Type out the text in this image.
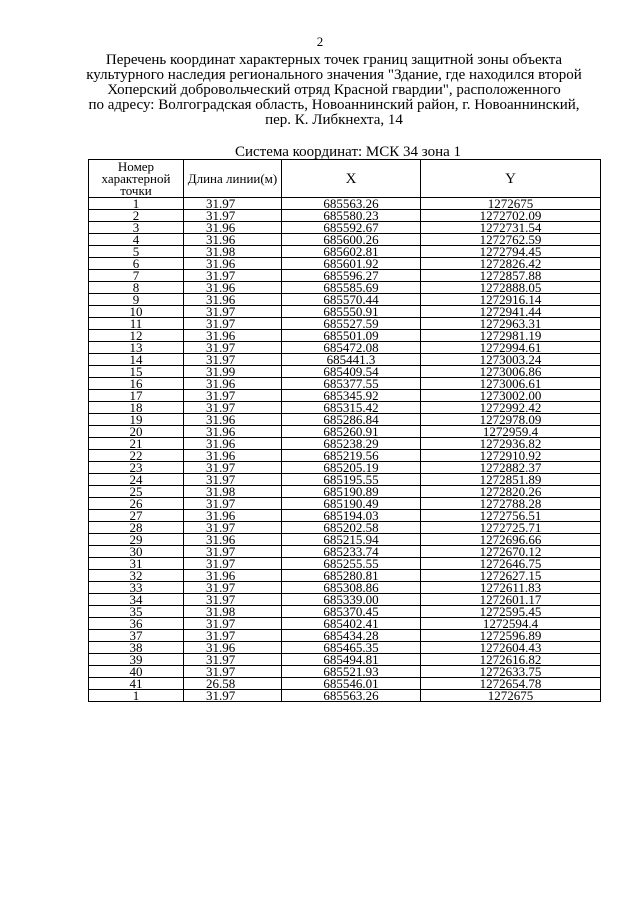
2
Перечень координат характерных точек границ защитной зоны объекта
культурного наследия регионального значения "Здание, где находился второй
Хоперский добровольческий отряд Красной гвардии", расположенного
по адресу: Волгоградская область, Новоаннинский район, г. Новоаннинский,
пер. К. Либкнехта, 14
Система координат: МСК 34 зона 1
Номер характерной точки	Длина линии(м)	X	Y
1	31.97	685563.26	1272675
2	31.97	685580.23	1272702.09
3	31.96	685592.67	1272731.54
4	31.96	685600.26	1272762.59
5	31.98	685602.81	1272794.45
6	31.96	685601.92	1272826.42
7	31.97	685596.27	1272857.88
8	31.96	685585.69	1272888.05
9	31.96	685570.44	1272916.14
10	31.97	685550.91	1272941.44
11	31.97	685527.59	1272963.31
12	31.96	685501.09	1272981.19
13	31.97	685472.08	1272994.61
14	31.97	685441.3	1273003.24
15	31.99	685409.54	1273006.86
16	31.96	685377.55	1273006.61
17	31.97	685345.92	1273002.00
18	31.97	685315.42	1272992.42
19	31.96	685286.84	1272978.09
20	31.96	685260.91	1272959.4
21	31.96	685238.29	1272936.82
22	31.96	685219.56	1272910.92
23	31.97	685205.19	1272882.37
24	31.97	685195.55	1272851.89
25	31.98	685190.89	1272820.26
26	31.97	685190.49	1272788.28
27	31.96	685194.03	1272756.51
28	31.97	685202.58	1272725.71
29	31.96	685215.94	1272696.66
30	31.97	685233.74	1272670.12
31	31.97	685255.55	1272646.75
32	31.96	685280.81	1272627.15
33	31.97	685308.86	1272611.83
34	31.97	685339.00	1272601.17
35	31.98	685370.45	1272595.45
36	31.97	685402.41	1272594.4
37	31.97	685434.28	1272596.89
38	31.96	685465.35	1272604.43
39	31.97	685494.81	1272616.82
40	31.97	685521.93	1272633.75
41	26.58	685546.01	1272654.78
1	31.97	685563.26	1272675
